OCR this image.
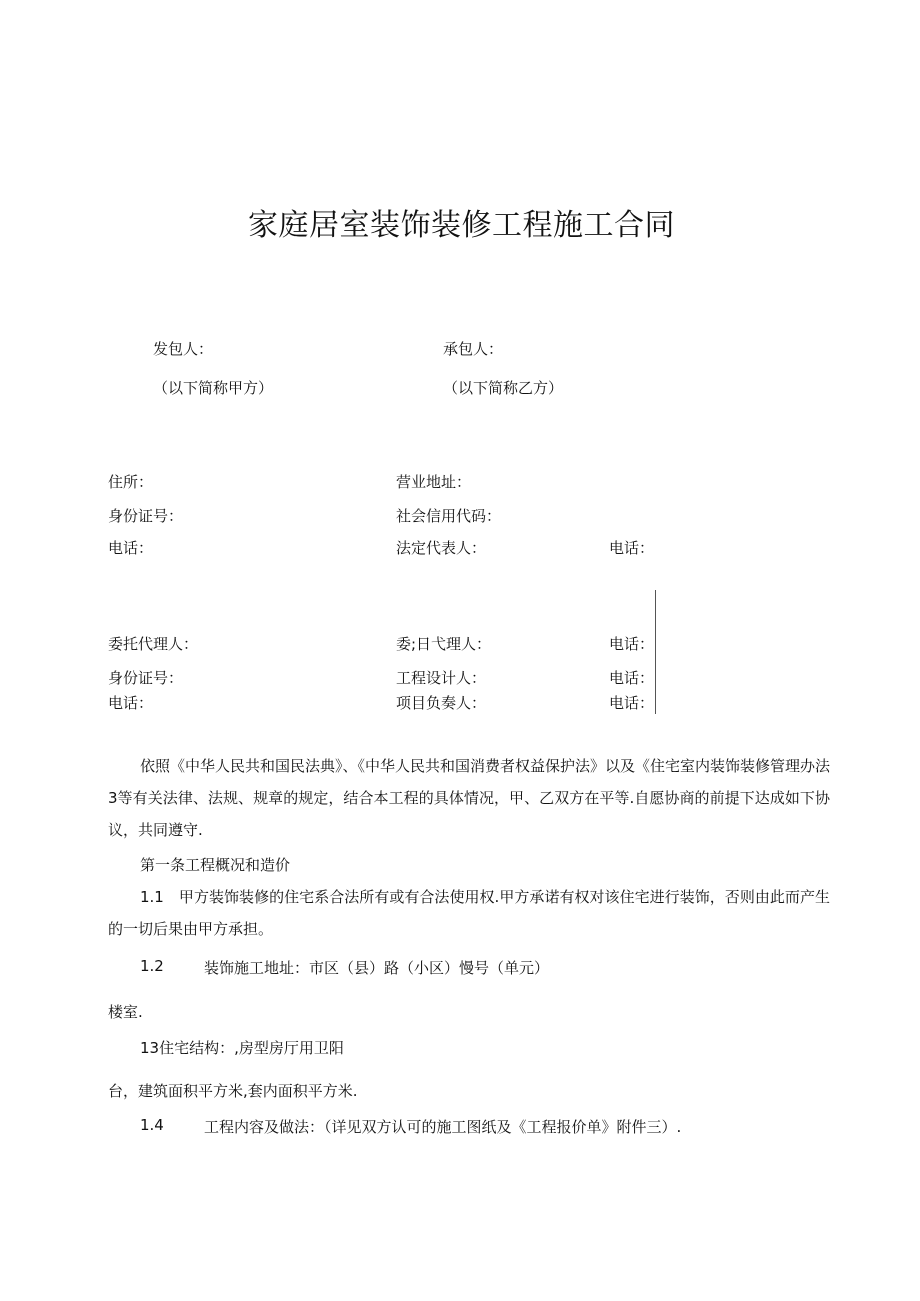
家庭居室装饰装修工程施工合同
发包人：
（以下简称甲方）
承包人：
（以下简称乙方）
住所：
身份证号：
电话：
委托代理人：
身份证号：
电话：
营业地址：
社会信用代码：
法定代表人：
委;日弋理人：
工程设计人：
项目负奏人：
电话：
电话：
电话：
电话：
依照《中华人民共和国民法典》、《中华人民共和国消费者权益保护法》以及《住宅室内装饰装修管理办法3等有关法律、法规、规章的规定，结合本工程的具体情况，甲、乙双方在平等.自愿协商的前提下达成如下协议，共同遵守.
第一条工程概况和造价
1.1　甲方装饰装修的住宅系合法所有或有合法使用权.甲方承诺有权对该住宅进行装饰，否则由此而产生的一切后果由甲方承担。
1.2	装饰施工地址：市区（县）路（小区）慢号（单元）
楼室.
13住宅结构：,房型房厅用卫阳
台，建筑面积平方米,套内面积平方米.
1.4	工程内容及做法：（详见双方认可的施工图纸及《工程报价单》附件三）.
